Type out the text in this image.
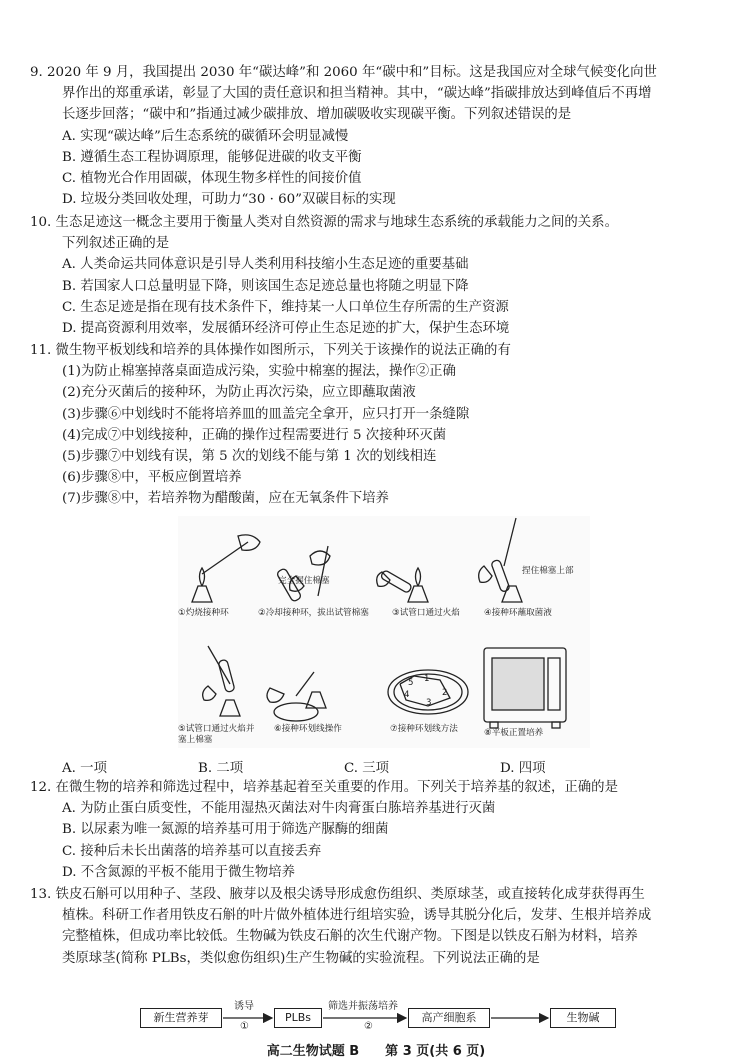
9. 2020 年 9 月，我国提出 2030 年“碳达峰”和 2060 年“碳中和”目标。这是我国应对全球气候变化向世

界作出的郑重承诺，彰显了大国的责任意识和担当精神。其中，“碳达峰”指碳排放达到峰值后不再增

长逐步回落；“碳中和”指通过减少碳排放、增加碳吸收实现碳平衡。下列叙述错误的是

A. 实现“碳达峰”后生态系统的碳循环会明显减慢

B. 遵循生态工程协调原理，能够促进碳的收支平衡

C. 植物光合作用固碳，体现生物多样性的间接价值

D. 垃圾分类回收处理，可助力“30 · 60”双碳目标的实现

10. 生态足迹这一概念主要用于衡量人类对自然资源的需求与地球生态系统的承载能力之间的关系。

下列叙述正确的是

A. 人类命运共同体意识是引导人类利用科技缩小生态足迹的重要基础

B. 若国家人口总量明显下降，则该国生态足迹总量也将随之明显下降

C. 生态足迹是指在现有技术条件下，维持某一人口单位生存所需的生产资源

D. 提高资源利用效率，发展循环经济可停止生态足迹的扩大，保护生态环境

11. 微生物平板划线和培养的具体操作如图所示，下列关于该操作的说法正确的有

(1)为防止棉塞掉落桌面造成污染，实验中棉塞的握法，操作②正确

(2)充分灭菌后的接种环，为防止再次污染，应立即蘸取菌液

(3)步骤⑥中划线时不能将培养皿的皿盖完全拿开，应只打开一条缝隙

(4)完成⑦中划线接种，正确的操作过程需要进行 5 次接种环灭菌

(5)步骤⑦中划线有误，第 5 次的划线不能与第 1 次的划线相连

(6)步骤⑧中，平板应倒置培养

(7)步骤⑧中，若培养物为醋酸菌，应在无氧条件下培养

①灼烧接种环	②冷却接种环，拔出试管棉塞	③试管口通过火焰	④接种环蘸取菌液
完全握住棉塞
捏住棉塞上部
⑤试管口通过火焰并塞上棉塞
⑥接种环划线操作	⑦接种环划线方法	⑧平板正置培养
1
2
3
4
5
A. 一项	B. 二项	C. 三项	D. 四项

12. 在微生物的培养和筛选过程中，培养基起着至关重要的作用。下列关于培养基的叙述，正确的是

A. 为防止蛋白质变性，不能用湿热灭菌法对牛肉膏蛋白胨培养基进行灭菌

B. 以尿素为唯一氮源的培养基可用于筛选产脲酶的细菌

C. 接种后未长出菌落的培养基可以直接丢弃

D. 不含氮源的平板不能用于微生物培养

13. 铁皮石斛可以用种子、茎段、腋芽以及根尖诱导形成愈伤组织、类原球茎，或直接转化成芽获得再生

植株。科研工作者用铁皮石斛的叶片做外植体进行组培实验，诱导其脱分化后，发芽、生根并培养成

完整植株，但成功率比较低。生物碱为铁皮石斛的次生代谢产物。下图是以铁皮石斛为材料，培养

类原球茎(简称 PLBs，类似愈伤组织)生产生物碱的实验流程。下列说法正确的是

新生营养芽
诱导
①
PLBs
筛选并振荡培养
②
高产细胞系	生物碱
高二生物试题 B　　第 3 页(共 6 页)
